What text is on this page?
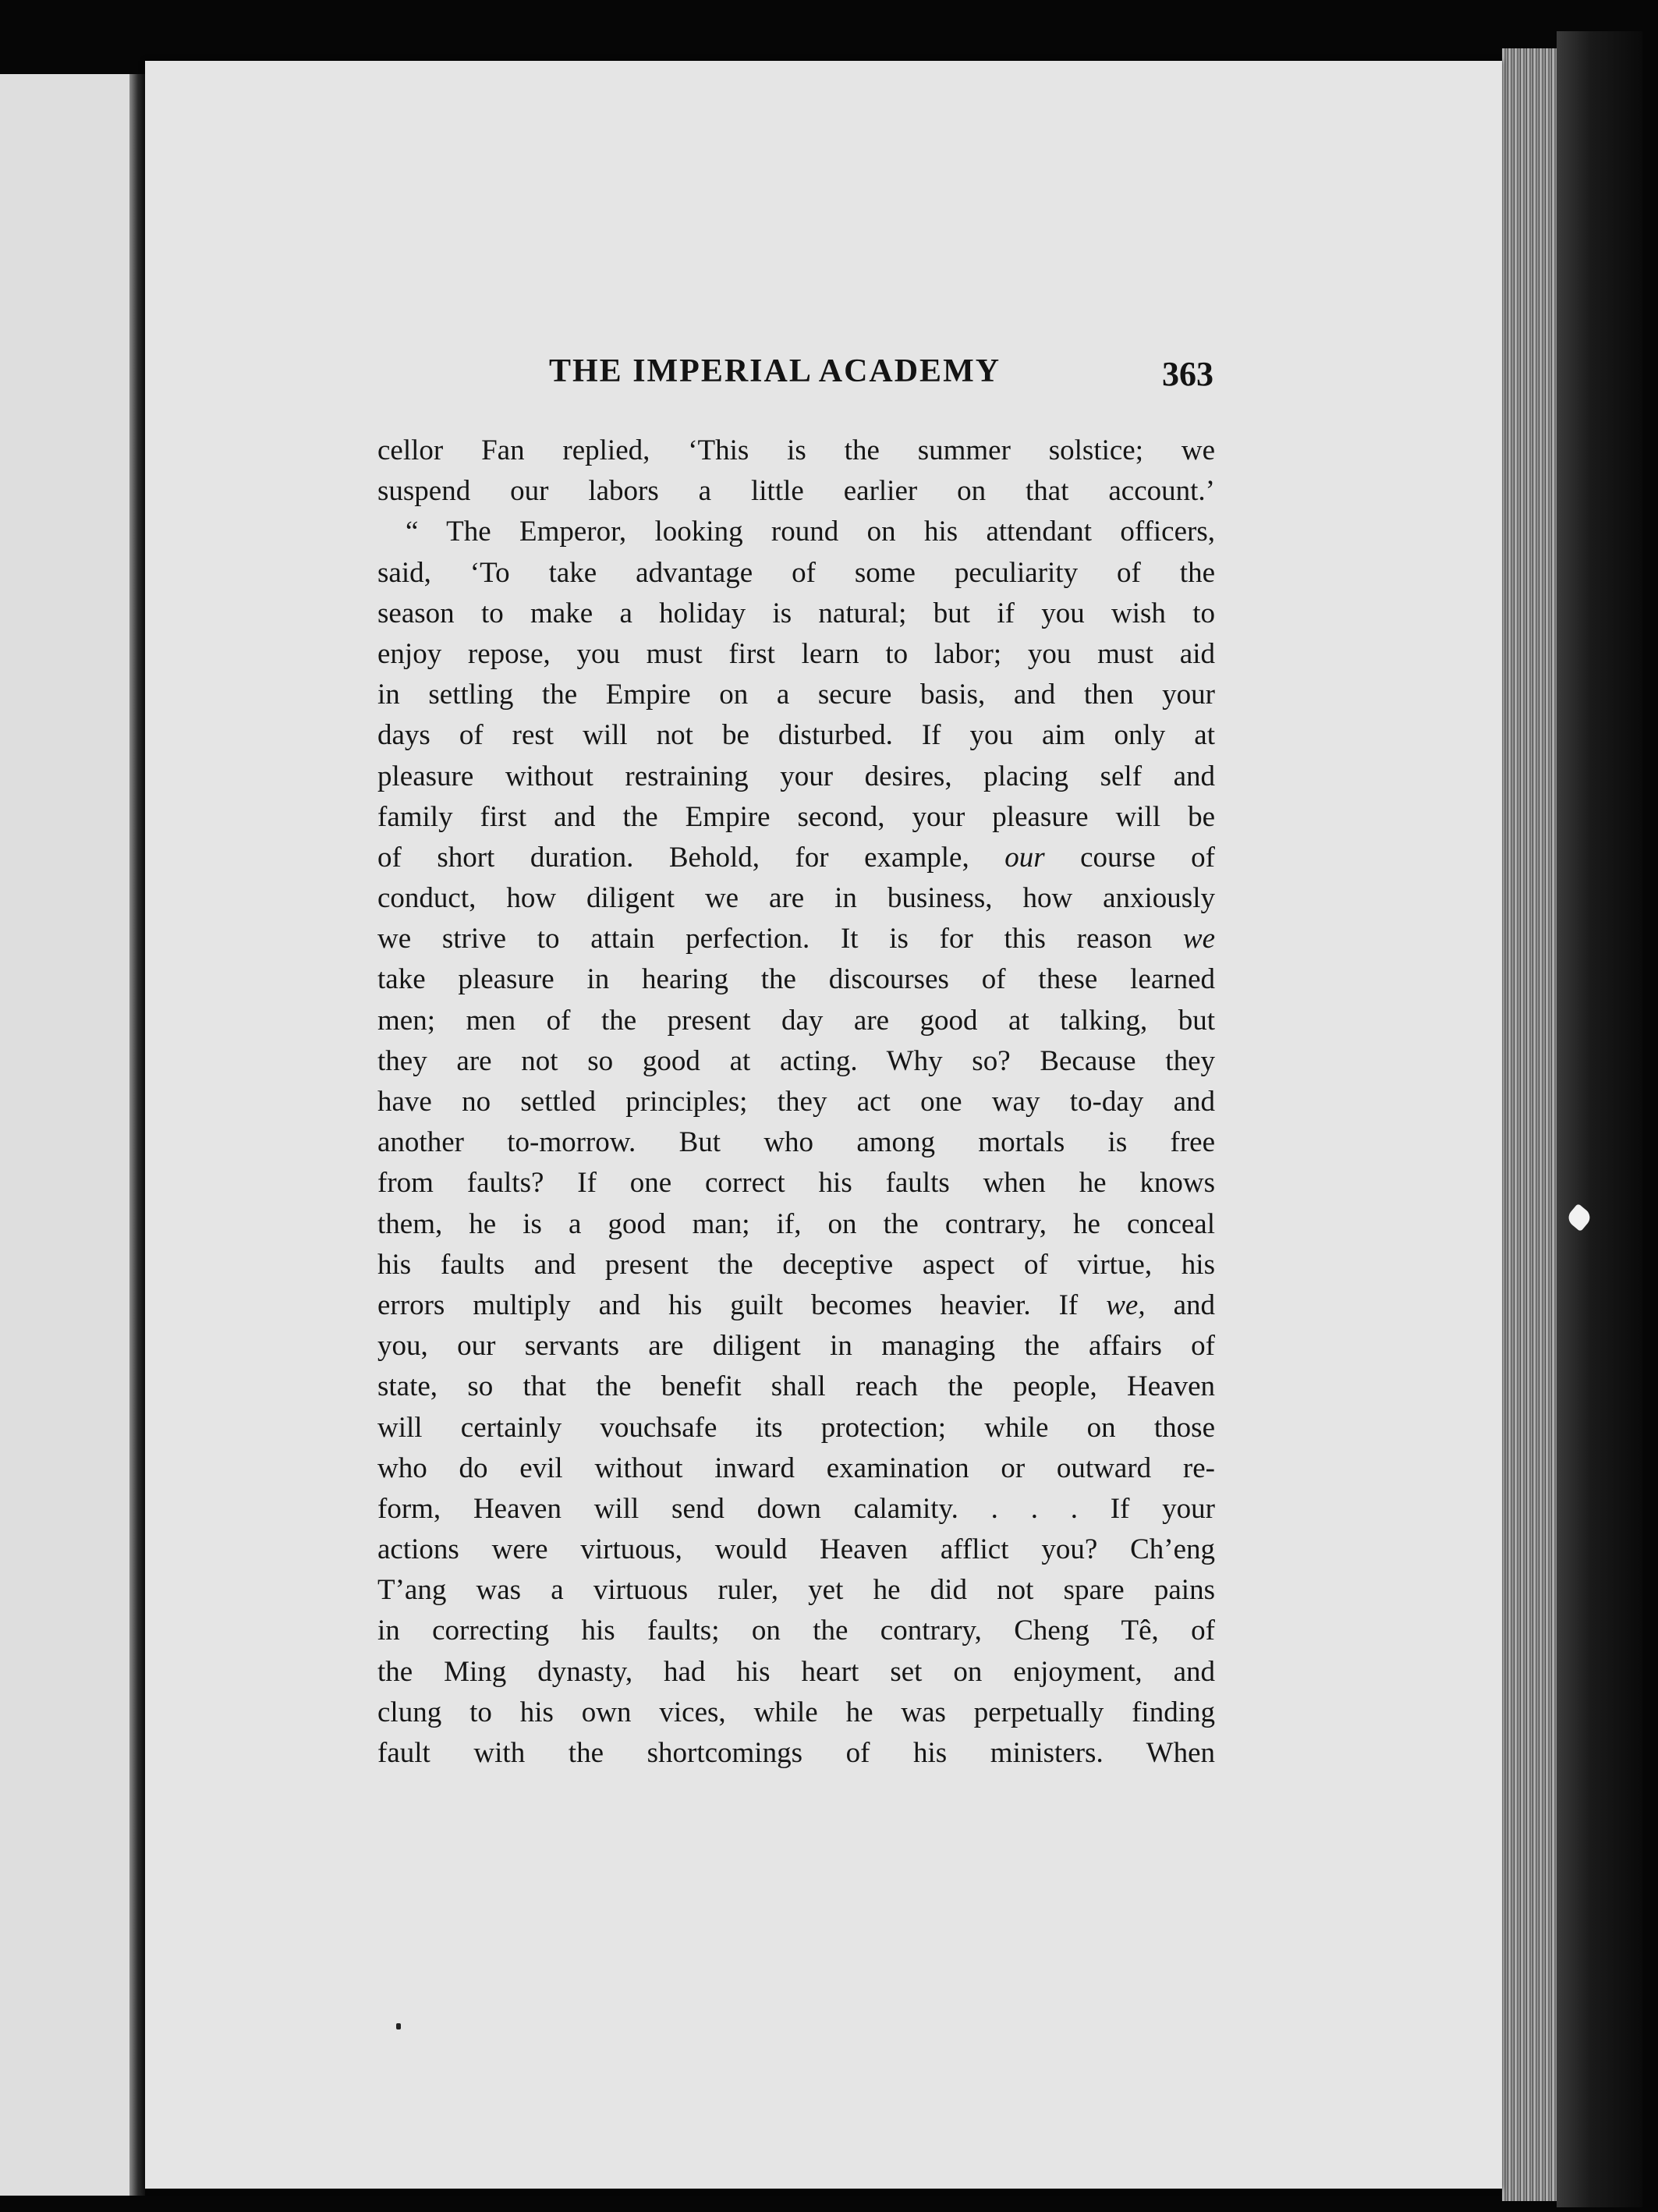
THE IMPERIAL ACADEMY	363
cellor Fan replied, ‘This is the summer solstice; we
suspend our labors a little earlier on that account.’
“ The Emperor, looking round on his attendant officers,
said, ‘To take advantage of some peculiarity of the
season to make a holiday is natural; but if you wish to
enjoy repose, you must first learn to labor; you must aid
in settling the Empire on a secure basis, and then your
days of rest will not be disturbed. If you aim only at
pleasure without restraining your desires, placing self and
family first and the Empire second, your pleasure will be
of short duration. Behold, for example, our course of
conduct, how diligent we are in business, how anxiously
we strive to attain perfection. It is for this reason we
take pleasure in hearing the discourses of these learned
men; men of the present day are good at talking, but
they are not so good at acting. Why so? Because they
have no settled principles; they act one way to-day and
another to-morrow. But who among mortals is free
from faults? If one correct his faults when he knows
them, he is a good man; if, on the contrary, he conceal
his faults and present the deceptive aspect of virtue, his
errors multiply and his guilt becomes heavier. If we, and
you, our servants are diligent in managing the affairs of
state, so that the benefit shall reach the people, Heaven
will certainly vouchsafe its protection; while on those
who do evil without inward examination or outward re-
form, Heaven will send down calamity. . . . If your
actions were virtuous, would Heaven afflict you? Ch’eng
T’ang was a virtuous ruler, yet he did not spare pains
in correcting his faults; on the contrary, Cheng Tê, of
the Ming dynasty, had his heart set on enjoyment, and
clung to his own vices, while he was perpetually finding
fault with the shortcomings of his ministers. When
